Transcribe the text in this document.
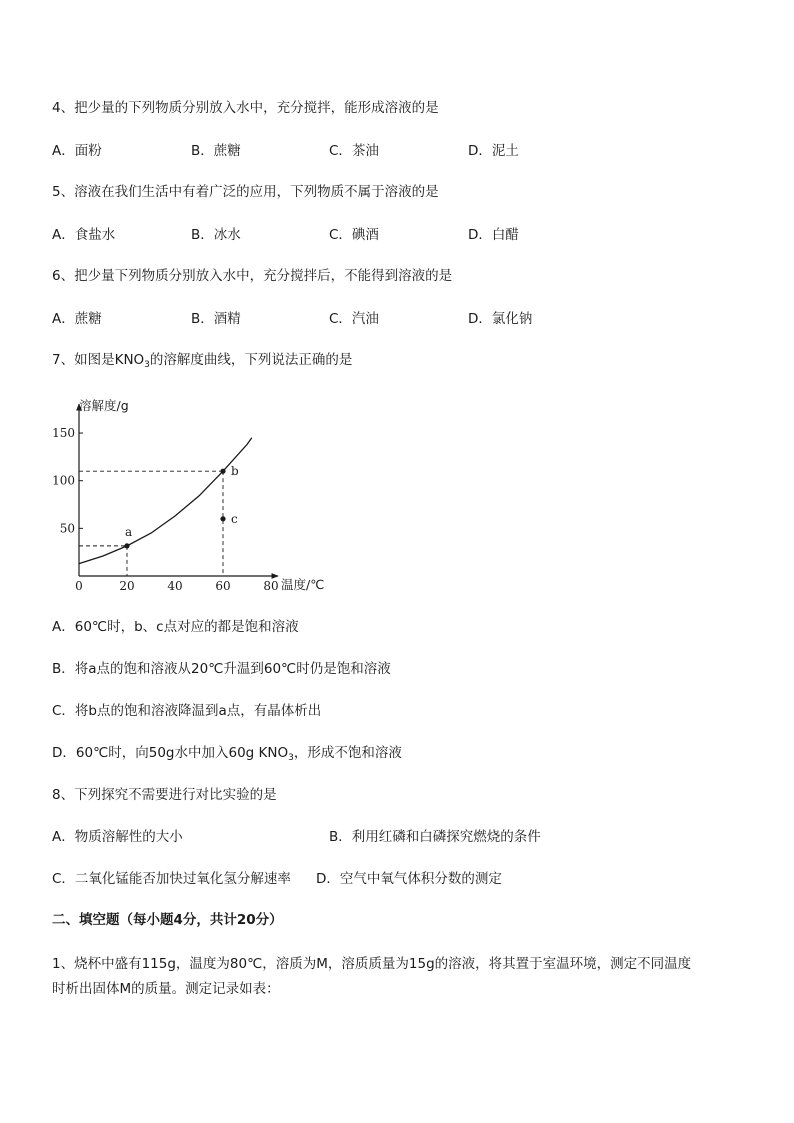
4、把少量的下列物质分别放入水中，充分搅拌，能形成溶液的是
A．面粉	B．蔗糖	C．茶油	D．泥土
5、溶液在我们生活中有着广泛的应用，下列物质不属于溶液的是
A．食盐水	B．冰水	C．碘酒	D．白醋
6、把少量下列物质分别放入水中，充分搅拌后，不能得到溶液的是
A．蔗糖	B．酒精	C．汽油	D．氯化钠
7、如图是$KNO_3$的溶解度曲线，下列说法正确的是
溶解度/g
温度/℃
0	20	40	60	80
50
100
150
a
b
c
A．60℃时，b、c点对应的都是饱和溶液
B．将a点的饱和溶液从20℃升温到60℃时仍是饱和溶液
C．将b点的饱和溶液降温到a点，有晶体析出
D．60℃时，向50g水中加入60g $KNO_3$，形成不饱和溶液
8、下列探究不需要进行对比实验的是
A．物质溶解性的大小	B．利用红磷和白磷探究燃烧的条件
C．二氧化锰能否加快过氧化氢分解速率 D．空气中氧气体积分数的测定
二、填空题（每小题4分，共计20分）
1、烧杯中盛有115g，温度为80℃，溶质为M，溶质质量为15g的溶液，将其置于室温环境，测定不同温度
时析出固体M的质量。测定记录如表：
